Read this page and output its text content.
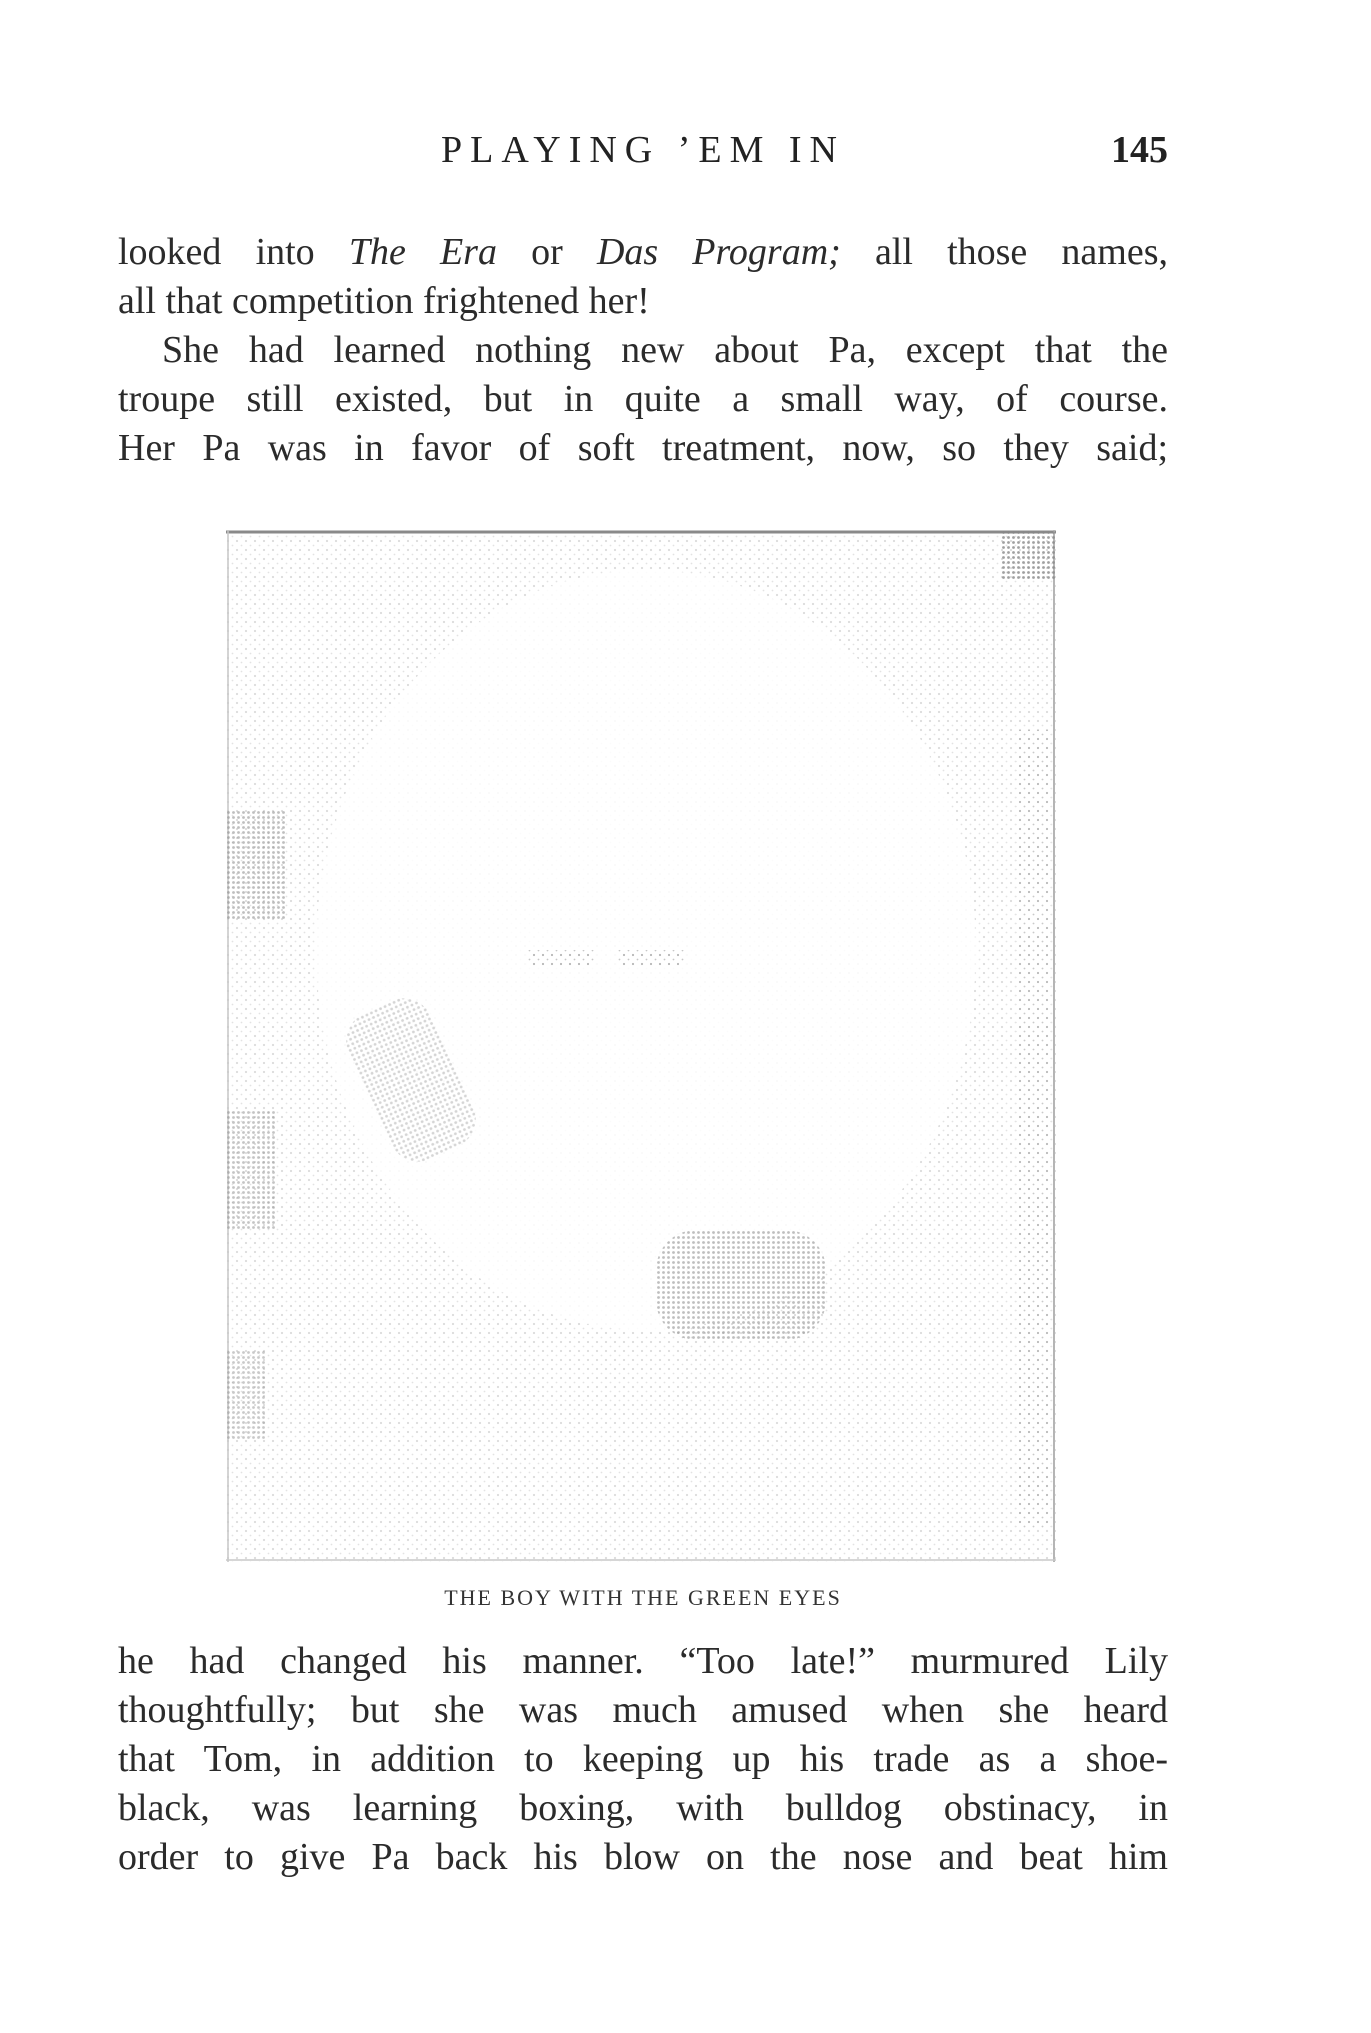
PLAYING ’EM IN	145

looked into The Era or Das Program; all those names,

all that competition frightened her!

She had learned nothing new about Pa, except that the

troupe still existed, but in quite a small way, of course.

Her Pa was in favor of soft treatment, now, so they said;

THE BOY WITH THE GREEN EYES

he had changed his manner. “Too late!” murmured Lily

thoughtfully; but she was much amused when she heard

that Tom, in addition to keeping up his trade as a shoe-

black, was learning boxing, with bulldog obstinacy, in

order to give Pa back his blow on the nose and beat him
